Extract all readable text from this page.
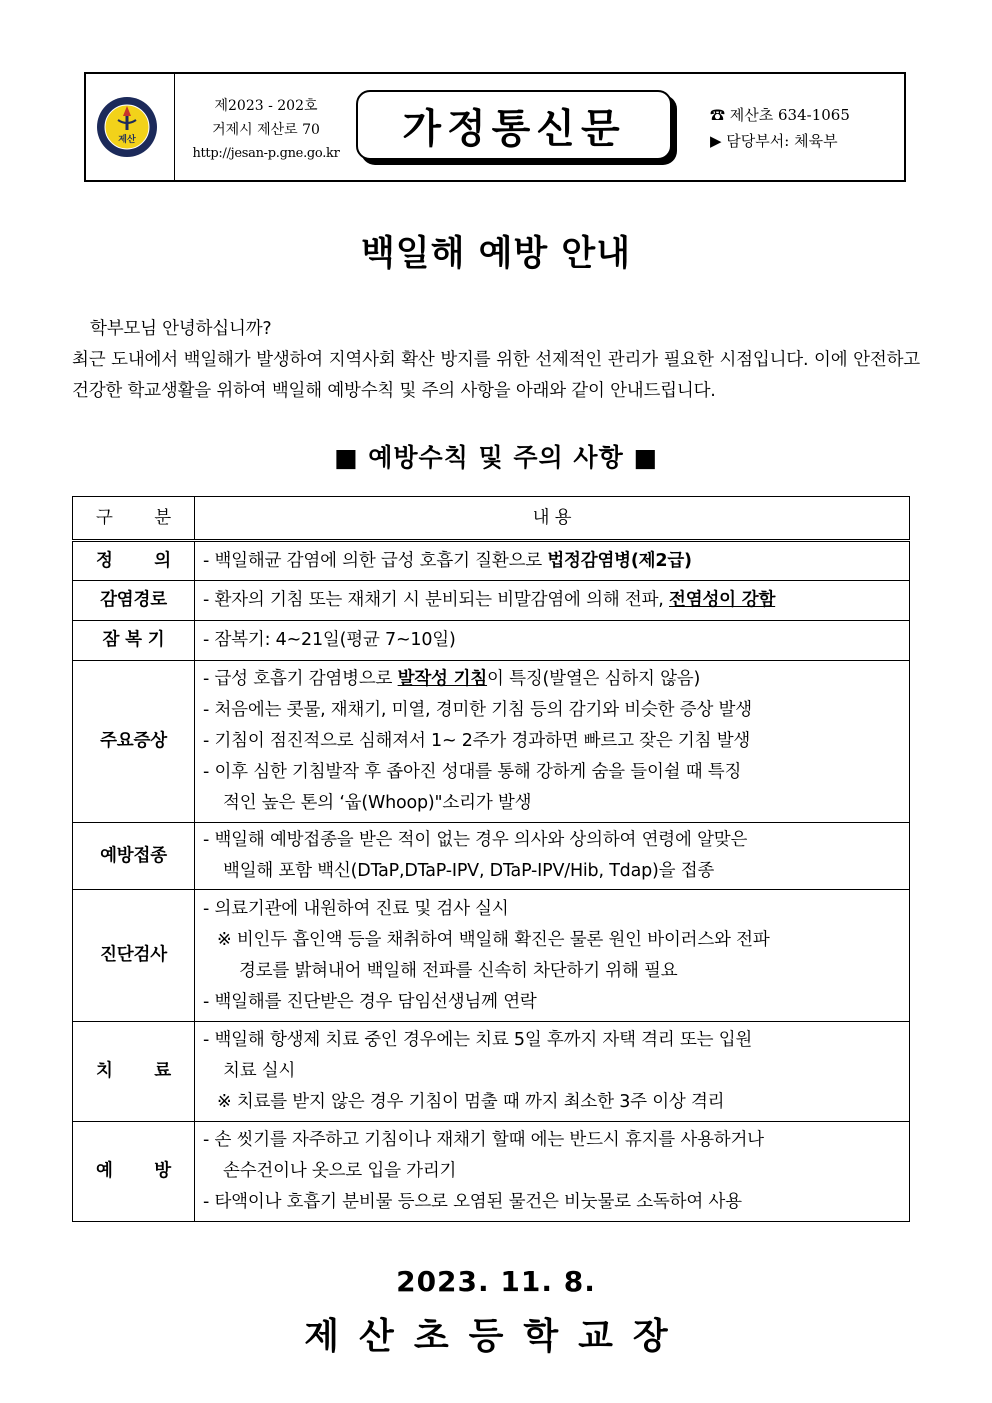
제산
제2023 - 202호
거제시 제산로 70
http://jesan-p.gne.go.kr
가정통신문	☎ 제산초 634-1065
▶ 담당부서: 체육부
백일해 예방 안내
학부모님 안녕하십니까?
최근 도내에서 백일해가 발생하여 지역사회 확산 방지를 위한 선제적인 관리가 필요한 시점입니다. 이에 안전하고 건강한 학교생활을 위하여 백일해 예방수칙 및 주의 사항을 아래와 같이 안내드립니다.
■ 예방수칙 및 주의 사항 ■
구 분	내 용

정 의	- 백일해균 감염에 의한 급성 호흡기 질환으로 법정감염병(제2급)
감염경로	- 환자의 기침 또는 재채기 시 분비되는 비말감염에 의해 전파, 전염성이 강함
잠 복 기	- 잠복기: 4~21일(평균 7~10일)
주요증상	- 급성 호흡기 감염병으로 발작성 기침이 특징(발열은 심하지 않음)
- 처음에는 콧물, 재채기, 미열, 경미한 기침 등의 감기와 비슷한 증상 발생
- 기침이 점진적으로 심해져서 1~ 2주가 경과하면 빠르고 잦은 기침 발생
- 이후 심한 기침발작 후 좁아진 성대를 통해 강하게 숨을 들이쉴 때 특징
적인 높은 톤의 ‘웁(Whoop)"소리가 발생

예방접종	- 백일해 예방접종을 받은 적이 없는 경우 의사와 상의하여 연령에 알맞은
백일해 포함 백신(DTaP,DTaP-IPV, DTaP-IPV/Hib, Tdap)을 접종

진단검사	- 의료기관에 내원하여 진료 및 검사 실시
※ 비인두 흡인액 등을 채취하여 백일해 확진은 물론 원인 바이러스와 전파
경로를 밝혀내어 백일해 전파를 신속히 차단하기 위해 필요
- 백일해를 진단받은 경우 담임선생님께 연락

치 료	- 백일해 항생제 치료 중인 경우에는 치료 5일 후까지 자택 격리 또는 입원
치료 실시
※ 치료를 받지 않은 경우 기침이 멈출 때 까지 최소한 3주 이상 격리

예 방	- 손 씻기를 자주하고 기침이나 재채기 할때 에는 반드시 휴지를 사용하거나
손수건이나 옷으로 입을 가리기
- 타액이나 호흡기 분비물 등으로 오염된 물건은 비눗물로 소독하여 사용
2023. 11. 8.
제산초등학교장
